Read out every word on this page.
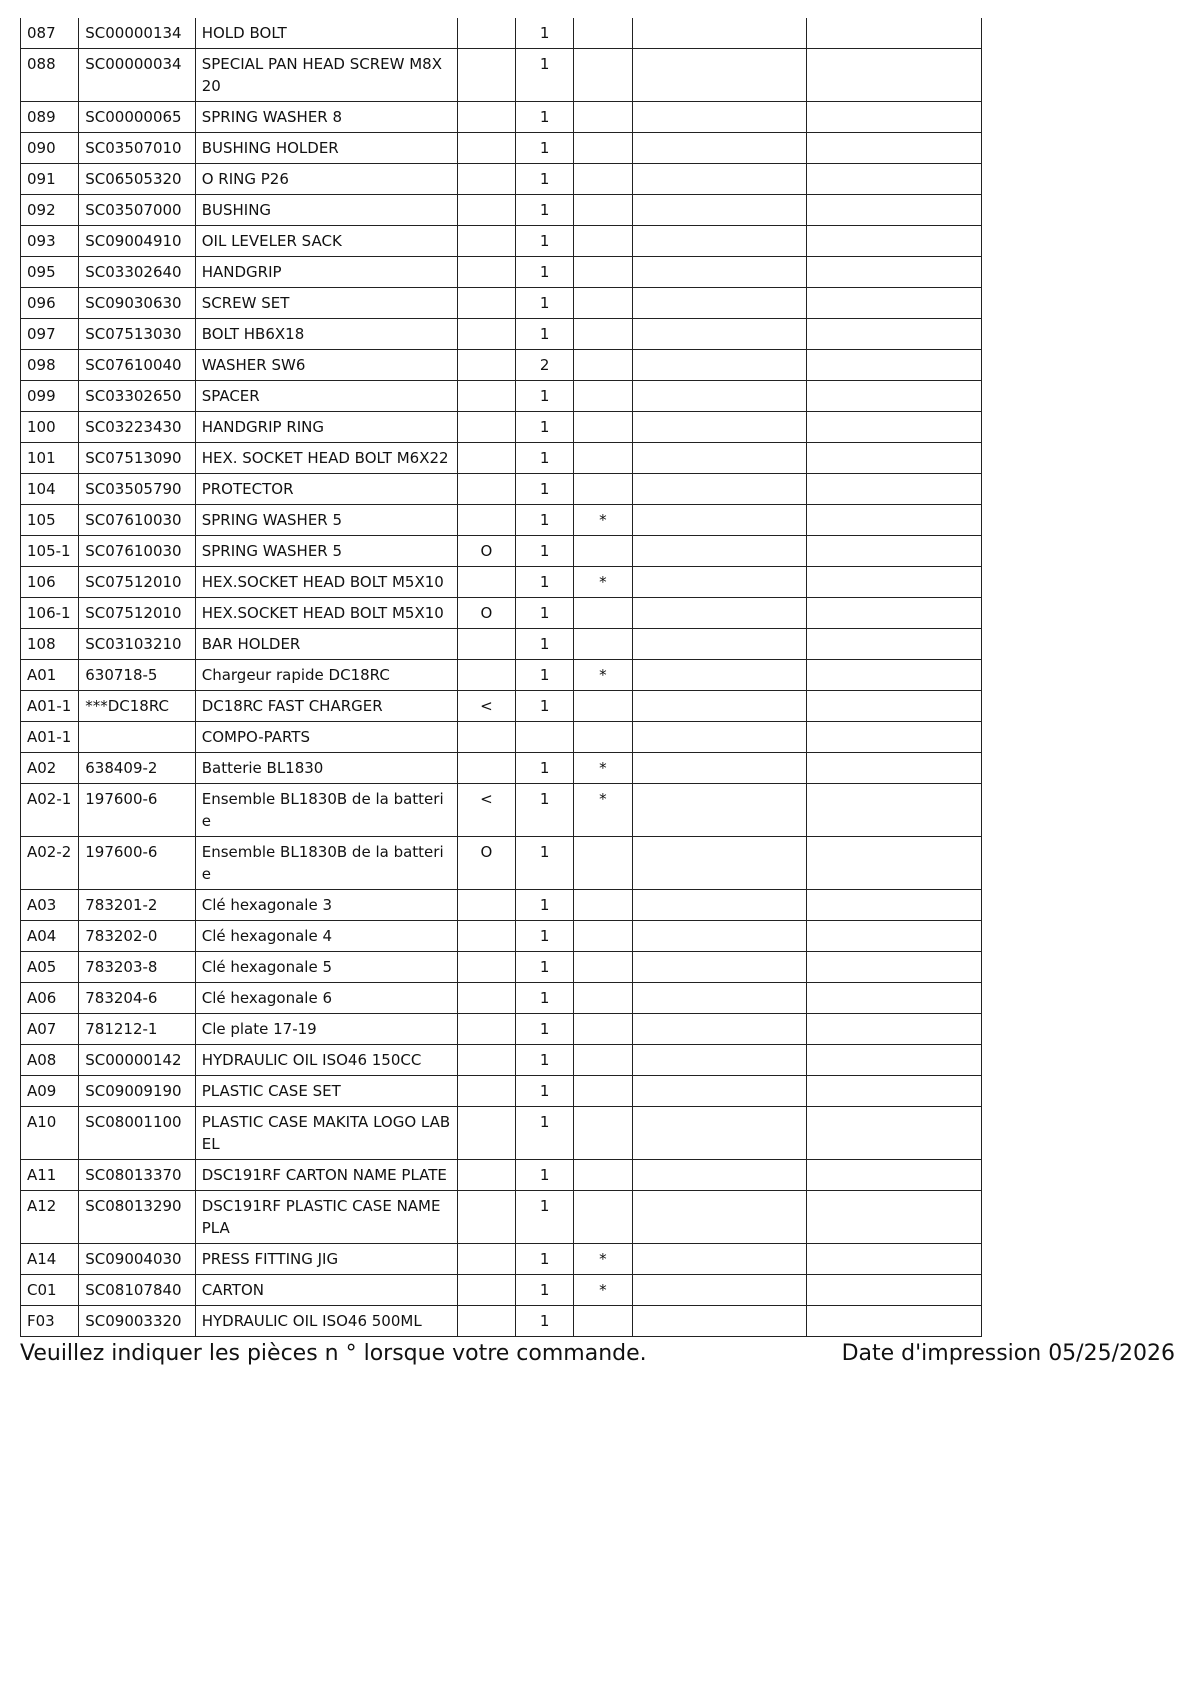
087	SC00000134	HOLD BOLT		1			
088	SC00000034	SPECIAL PAN HEAD SCREW M8X20		1			
089	SC00000065	SPRING WASHER 8		1			
090	SC03507010	BUSHING HOLDER		1			
091	SC06505320	O RING P26		1			
092	SC03507000	BUSHING		1			
093	SC09004910	OIL LEVELER SACK		1			
095	SC03302640	HANDGRIP		1			
096	SC09030630	SCREW SET		1			
097	SC07513030	BOLT HB6X18		1			
098	SC07610040	WASHER SW6		2			
099	SC03302650	SPACER		1			
100	SC03223430	HANDGRIP RING		1			
101	SC07513090	HEX. SOCKET HEAD BOLT M6X22		1			
104	SC03505790	PROTECTOR		1			
105	SC07610030	SPRING WASHER 5		1	*		
105-1	SC07610030	SPRING WASHER 5	O	1			
106	SC07512010	HEX.SOCKET HEAD BOLT M5X10		1	*		
106-1	SC07512010	HEX.SOCKET HEAD BOLT M5X10	O	1			
108	SC03103210	BAR HOLDER		1			
A01	630718-5	Chargeur rapide DC18RC		1	*		
A01-1	***DC18RC	DC18RC FAST CHARGER	<	1			
A01-1		COMPO-PARTS					
A02	638409-2	Batterie BL1830		1	*		
A02-1	197600-6	Ensemble BL1830B de la batterie	<	1	*		
A02-2	197600-6	Ensemble BL1830B de la batterie	O	1			
A03	783201-2	Clé hexagonale 3		1			
A04	783202-0	Clé hexagonale 4		1			
A05	783203-8	Clé hexagonale 5		1			
A06	783204-6	Clé hexagonale 6		1			
A07	781212-1	Cle plate 17-19		1			
A08	SC00000142	HYDRAULIC OIL ISO46 150CC		1			
A09	SC09009190	PLASTIC CASE SET		1			
A10	SC08001100	PLASTIC CASE MAKITA LOGO LABEL		1			
A11	SC08013370	DSC191RF CARTON NAME PLATE		1			
A12	SC08013290	DSC191RF PLASTIC CASE NAME PLA		1			
A14	SC09004030	PRESS FITTING JIG		1	*		
C01	SC08107840	CARTON		1	*		
F03	SC09003320	HYDRAULIC OIL ISO46 500ML		1			
Veuillez indiquer les pièces n ° lorsque votre commande.	Date d'impression 05/25/2026
